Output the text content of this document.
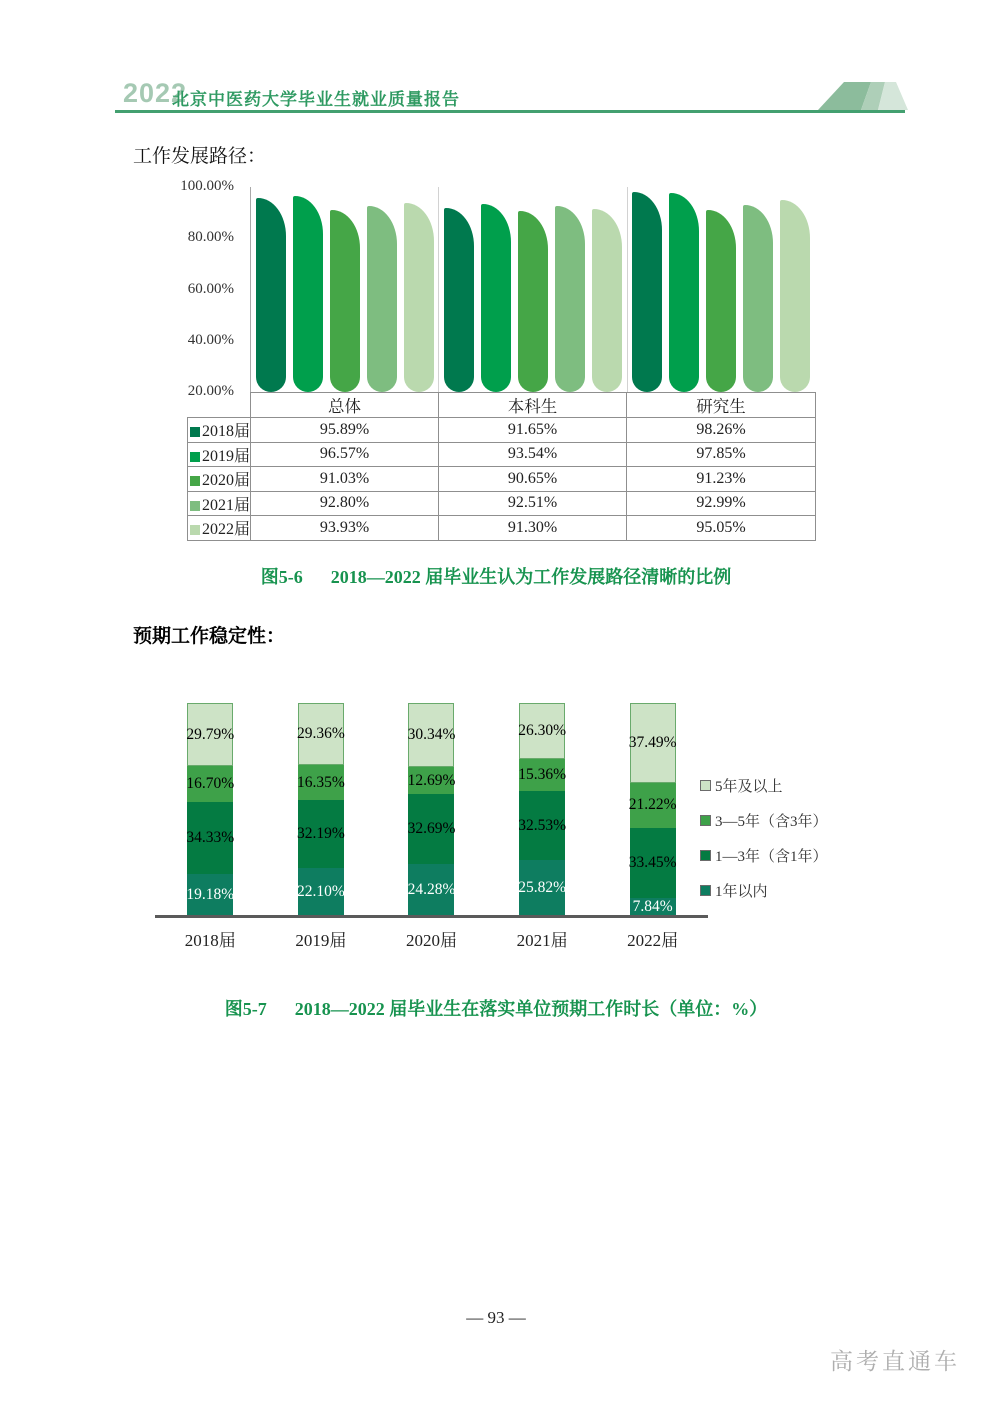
2022
北京中医药大学毕业生就业质量报告
工作发展路径：
100.00%
80.00%
60.00%
40.00%
20.00%
	总体	本科生	研究生
2018届	95.89%	91.65%	98.26%
2019届	96.57%	93.54%	97.85%
2020届	91.03%	90.65%	91.23%
2021届	92.80%	92.51%	92.99%
2022届	93.93%	91.30%	95.05%
图5-6 2018—2022 届毕业生认为工作发展路径清晰的比例
预期工作稳定性：
19.18%
34.33%
16.70%
29.79%
22.10%
32.19%
16.35%
29.36%
24.28%
32.69%
12.69%
30.34%
25.82%
32.53%
15.36%
26.30%
7.84%
33.45%
21.22%
37.49%
2018届	2019届	2020届	2021届	2022届
5年及以上
3—5年（含3年）
1—3年（含1年）
1年以内
图5-7 2018—2022 届毕业生在落实单位预期工作时长（单位：%）
— 93 —
高考直通车
